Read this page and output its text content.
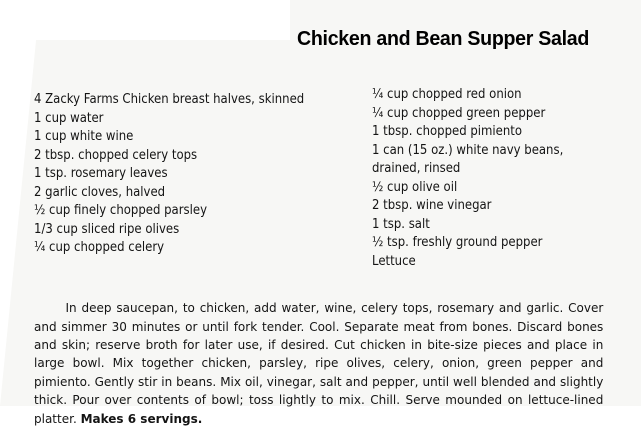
Chicken and Bean Supper Salad
4 Zacky Farms Chicken breast halves, skinned
1 cup water
1 cup white wine
2 tbsp. chopped celery tops
1 tsp. rosemary leaves
2 garlic cloves, halved
½ cup finely chopped parsley
1/3 cup sliced ripe olives
¼ cup chopped celery
¼ cup chopped red onion
¼ cup chopped green pepper
1 tbsp. chopped pimiento
1 can (15 oz.) white navy beans,
drained, rinsed
½ cup olive oil
2 tbsp. wine vinegar
1 tsp. salt
½ tsp. freshly ground pepper
Lettuce

In deep saucepan, to chicken, add water, wine, celery tops, rosemary and garlic. Cover and simmer 30 minutes or until fork tender. Cool. Separate meat from bones. Discard bones and skin; reserve broth for later use, if desired. Cut chicken in bite-size pieces and place in large bowl. Mix together chicken, parsley, ripe olives, celery, onion, green pepper and pimiento. Gently stir in beans. Mix oil, vinegar, salt and pepper, until well blended and slightly thick. Pour over contents of bowl; toss lightly to mix. Chill. Serve mounded on lettuce-lined platter. Makes 6 servings.
